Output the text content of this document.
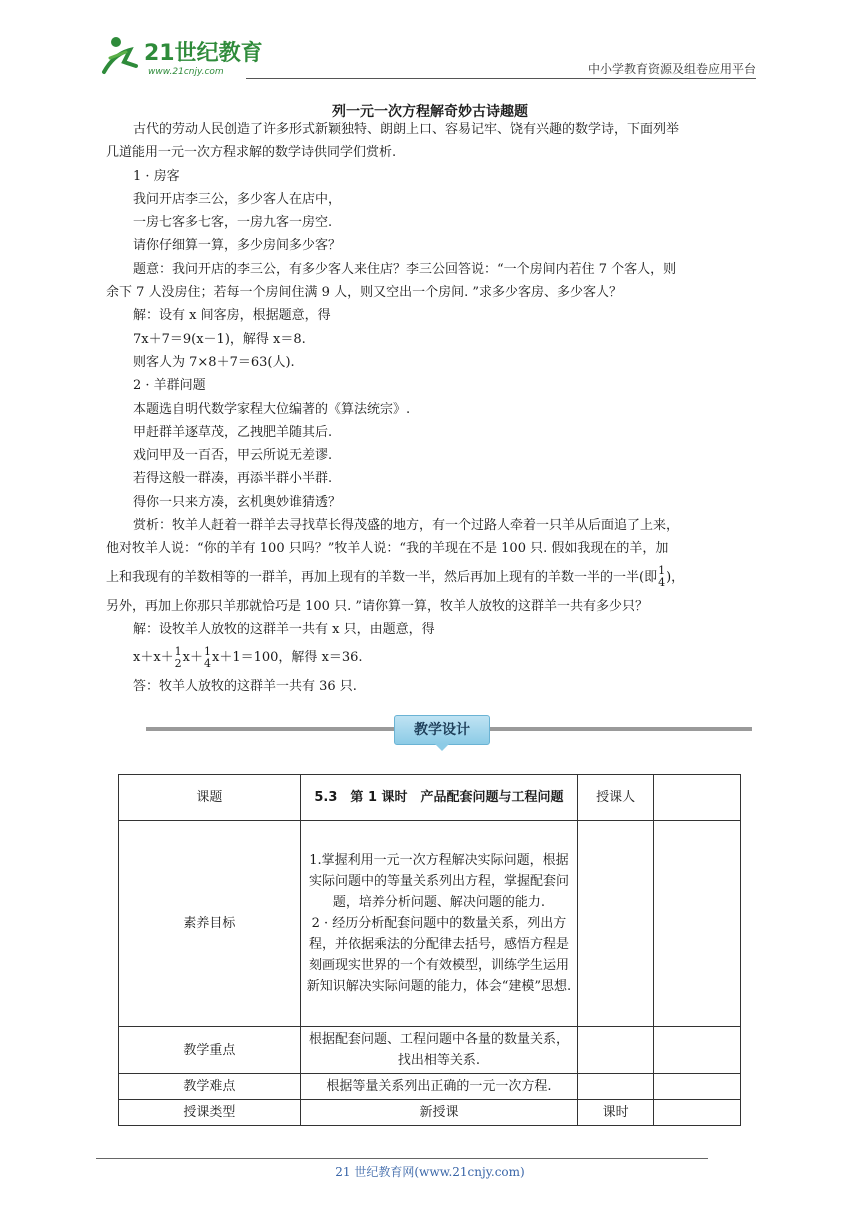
21世纪教育
www.21cnjy.com	中小学教育资源及组卷应用平台
列一元一次方程解奇妙古诗趣题

古代的劳动人民创造了许多形式新颖独特、朗朗上口、容易记牢、饶有兴趣的数学诗，下面列举

几道能用一元一次方程求解的数学诗供同学们赏析.

1 · 房客

我问开店李三公，多少客人在店中，

一房七客多七客，一房九客一房空.

请你仔细算一算，多少房间多少客？

题意：我问开店的李三公，有多少客人来住店？李三公回答说：“一个房间内若住 7 个客人，则

余下 7 人没房住；若每一个房间住满 9 人，则又空出一个房间. ”求多少客房、多少客人？

解：设有 x 间客房，根据题意，得

7x＋7＝9(x－1)，解得 x＝8.

则客人为 7×8＋7＝63(人).

2 · 羊群问题

本题选自明代数学家程大位编著的《算法统宗》.

甲赶群羊逐草茂，乙拽肥羊随其后.

戏问甲及一百否，甲云所说无差谬.

若得这般一群凑，再添半群小半群.

得你一只来方凑，玄机奥妙谁猜透？

赏析：牧羊人赶着一群羊去寻找草长得茂盛的地方，有一个过路人牵着一只羊从后面追了上来，

他对牧羊人说：“你的羊有 100 只吗？”牧羊人说：“我的羊现在不是 100 只. 假如我现在的羊，加

上和我现有的羊数相等的一群羊，再加上现有的羊数一半，然后再加上现有的羊数一半的一半(即 1
4 )，

另外，再加上你那只羊那就恰巧是 100 只. ”请你算一算，牧羊人放牧的这群羊一共有多少只？

解：设牧羊人放牧的这群羊一共有 x 只，由题意，得

x＋x＋ 1
2 x＋ 1
4 x＋1＝100，解得 x＝36.

答：牧羊人放牧的这群羊一共有 36 只.

教学设计
课题	5.3　第 1 课时　产品配套问题与工程问题	授课人	
素养目标	1.掌握利用一元一次方程解决实际问题，根据实际问题中的等量关系列出方程，掌握配套问题，培养分析问题、解决问题的能力.
2 · 经历分析配套问题中的数量关系，列出方程，并依据乘法的分配律去括号，感悟方程是刻画现实世界的一个有效模型，训练学生运用新知识解决实际问题的能力，体会“建模”思想.		

教学重点	根据配套问题、工程问题中各量的数量关系，找出相等关系.		
教学难点	根据等量关系列出正确的一元一次方程.		
授课类型	新授课	课时	
21 世纪教育网(www.21cnjy.com)
